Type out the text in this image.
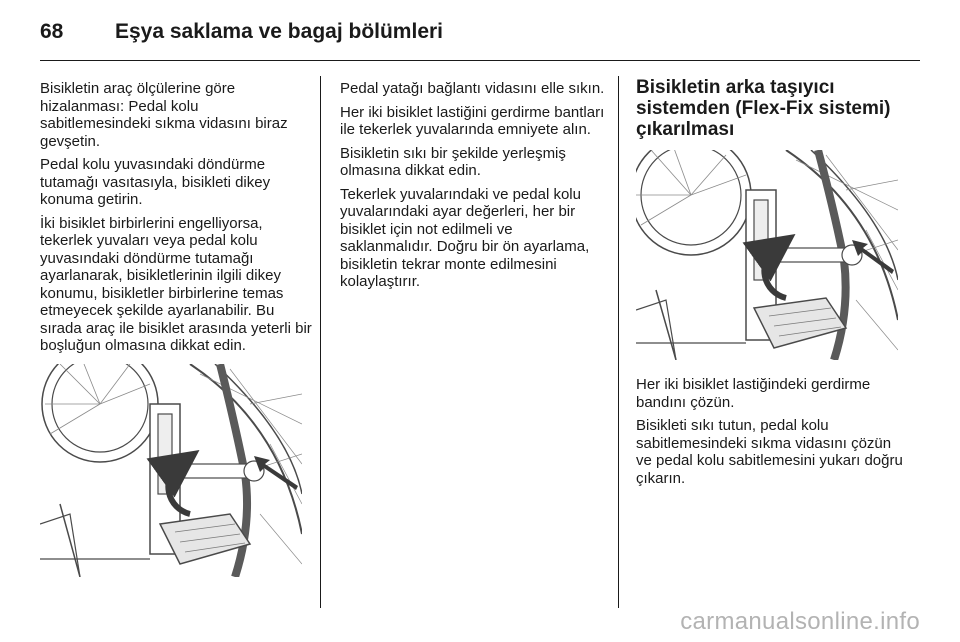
68	Eşya saklama ve bagaj bölümleri

Bisikletin araç ölçülerine göre hizalanması: Pedal kolu sabitlemesindeki sıkma vidasını biraz gevşetin.

Pedal kolu yuvasındaki döndürme tutamağı vasıtasıyla, bisikleti dikey konuma getirin.

İki bisiklet birbirlerini engelliyorsa, tekerlek yuvaları veya pedal kolu yuvasındaki döndürme tutamağı ayarlanarak, bisikletlerinin ilgili dikey konumu, bisikletler birbirlerine temas etmeyecek şekilde ayarlanabilir. Bu sırada araç ile bisiklet arasında yeterli bir boşluğun olmasına dikkat edin.

Pedal yatağı bağlantı vidasını elle sıkın.

Her iki bisiklet lastiğini gerdirme bantları ile tekerlek yuvalarında emniyete alın.

Bisikletin sıkı bir şekilde yerleşmiş olmasına dikkat edin.

Tekerlek yuvalarındaki ve pedal kolu yuvalarındaki ayar değerleri, her bir bisiklet için not edilmeli ve saklanmalıdır. Doğru bir ön ayarlama, bisikletin tekrar monte edilmesini kolaylaştırır.

Bisikletin arka taşıyıcı sistemden (Flex-Fix sistemi) çıkarılması

Her iki bisiklet lastiğindeki gerdirme bandını çözün.

Bisikleti sıkı tutun, pedal kolu sabitlemesindeki sıkma vidasını çözün ve pedal kolu sabitlemesini yukarı doğru çıkarın.

carmanualsonline.info
